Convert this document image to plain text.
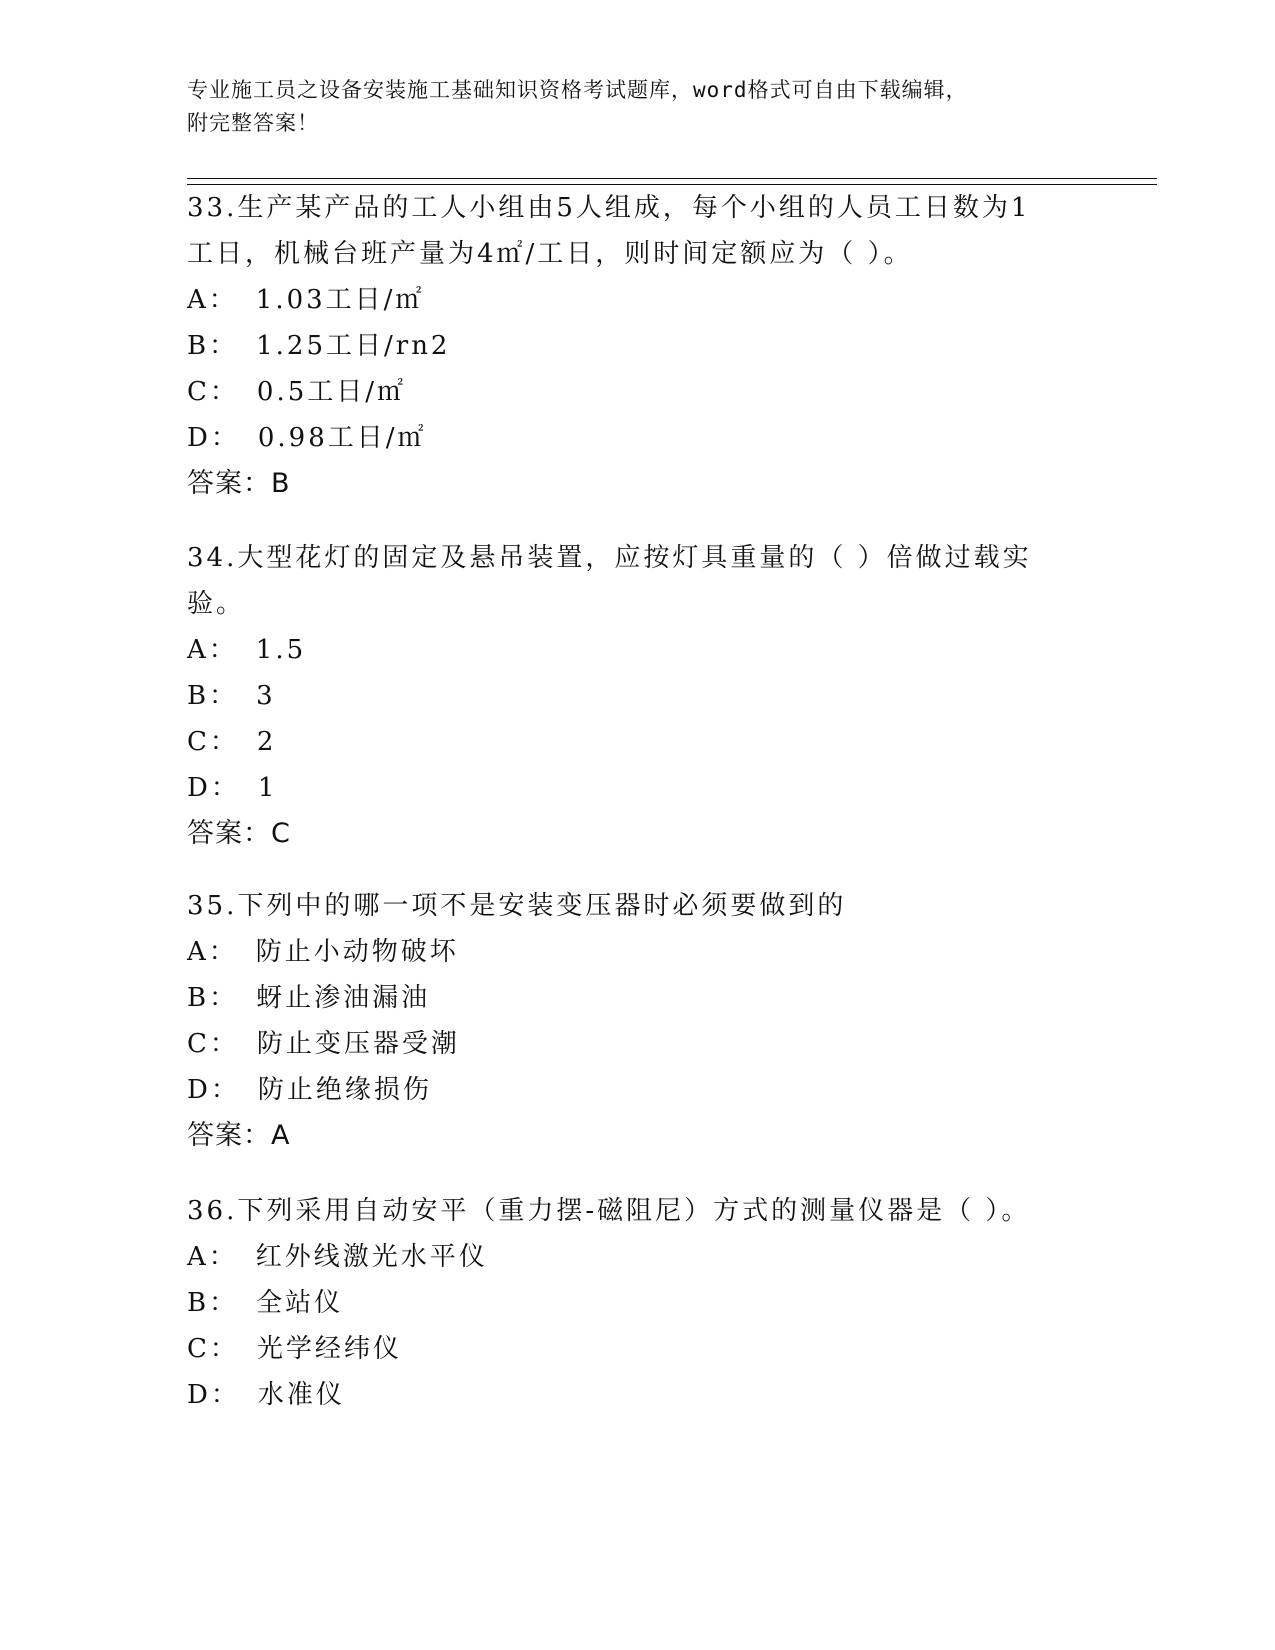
专业施工员之设备安装施工基础知识资格考试题库，word格式可自由下载编辑，
附完整答案！
33.生产某产品的工人小组由5人组成，每个小组的人员工日数为1工日，机械台班产量为4㎡/工日，则时间定额应为（ ）。
A： 1.03工日/㎡
B： 1.25工日/rn2
C： 0.5工日/㎡
D： 0.98工日/㎡
答案：B
34.大型花灯的固定及悬吊装置，应按灯具重量的（ ）倍做过载实验。
A： 1.5
B： 3
C： 2
D： 1
答案：C
35.下列中的哪一项不是安装变压器时必须要做到的
A： 防止小动物破坏
B： 蚜止渗油漏油
C： 防止变压器受潮
D： 防止绝缘损伤
答案：A
36.下列采用自动安平（重力摆-磁阻尼）方式的测量仪器是（ ）。
A： 红外线激光水平仪
B： 全站仪
C： 光学经纬仪
D： 水准仪
